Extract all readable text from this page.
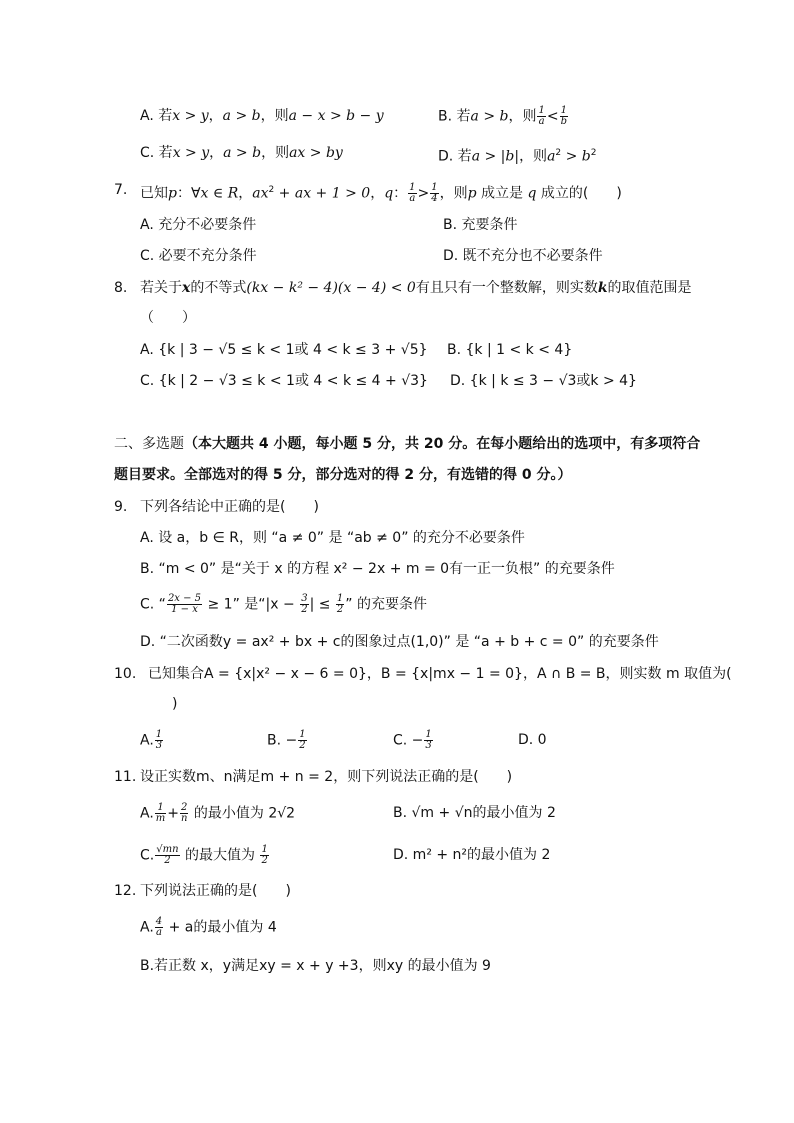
A. 若x > y，a > b，则a − x > b − y	B. 若a > b，则 $\frac{1}{a} < \frac{1}{b}$
C. 若x > y，a > b，则ax > by	D. 若a > |b|，则$a^2 > b^2$
7. 已知p：∀x ∈ R，$ax^2$ + ax + 1 > 0，q： $\frac{1}{a} > \frac{1}{4}$ ，则p 成立是 q 成立的(　　)
A. 充分不必要条件	B. 充要条件
C. 必要不充分条件	D. 既不充分也不必要条件
8. 若关于x的不等式(kx − k² − 4)(x − 4) < 0有且只有一个整数解，则实数k的取值范围是
（　　）
A. {k | 3 − √5 ≤ k < 1或 4 < k ≤ 3 + √5} B. {k | 1 < k < 4}
C. {k | 2 − √3 ≤ k < 1或 4 < k ≤ 4 + √3} D. {k | k ≤ 3 − √3或k > 4}
二、多选题（本大题共 4 小题，每小题 5 分，共 20 分。在每小题给出的选项中，有多项符合
题目要求。全部选对的得 5 分，部分选对的得 2 分，有选错的得 0 分。）
9. 下列各结论中正确的是(　　)
A. 设 a，b ∈ R，则 “a ≠ 0” 是 “ab ≠ 0” 的充分不必要条件
B. “m < 0” 是“关于 x 的方程 x² − 2x + m = 0有一正一负根” 的充要条件
C. “ $\frac{2x - 5}{1 - x} \ge 1$” 是“$|x - \frac{3}{2}$ | ≤ $\frac{1}{2}$ ” 的充要条件
D. “二次函数y = ax² + bx + c的图象过点(1,0)” 是 “a + b + c = 0” 的充要条件
10. 已知集合A = {x|x² − x − 6 = 0}，B = {x|mx − 1 = 0}，A ∩ B = B，则实数 m 取值为(
)
A. $\frac{1}{3}$	B. − $\frac{1}{2}$	C. − $\frac{1}{3}$	D. 0
11. 设正实数m、n满足m + n = 2，则下列说法正确的是(　　)
A. $\frac{1}{m} + \frac{2}{n}$ 的最小值为 2√2	B. √m + √n的最小值为 2
C. $\frac{√mn}{2}$ 的最大值为 $\frac{1}{2}$	D. m² + n²的最小值为 2
12. 下列说法正确的是(　　)
A. $\frac{4}{a} + a$的最小值为 4
B.若正数 x，y满足xy = x + y +3，则xy 的最小值为 9
